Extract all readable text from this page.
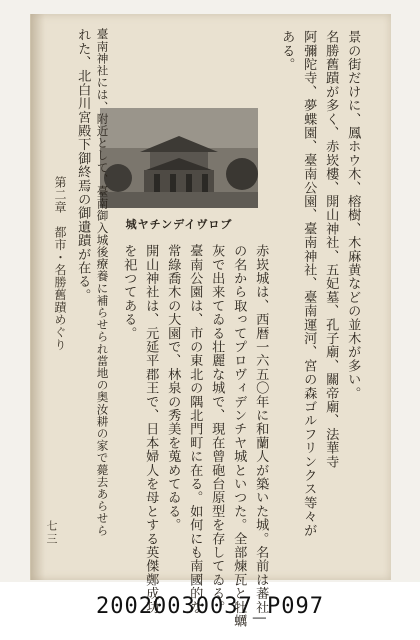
景の街だけに、鳳ホウ木、榕樹、木麻黄などの並木が多い。
名勝舊蹟が多く、赤崁樓、開山神社、五妃墓、孔子廟、關帝廟、法華寺
阿彌陀寺、夢蝶園、臺南公園、臺南神社、臺南運河、宮の森ゴルフリンクス等々が
ある。
城ヤチンデイヴロブ
赤崁城は、西暦一六五〇年に和蘭人が築いた城。名前は蕃社
の名から取ってプロヴィデンチヤ城といつた。全部煉瓦と牡蠣
灰で出来てゐる壮麗な城で、現在曾砲台原型を存してゐる。
臺南公園は、市の東北の隅北門町に在る。如何にも南國的な
常綠喬木の大園で、林泉の秀美を蒐めてゐる。
開山神社は、元延平郡王で、日本婦人を母とする英傑鄭成功
を祀つてある。
臺南神社には、附近として、臺南御入城後療養に補らせられ當地の奥汝耕の家で薨去あらせら
れた、北白川宮殿下御終焉の御遺蹟が在る。
第二章　都市・名勝舊蹟めぐり
七三
20020030037_P097
